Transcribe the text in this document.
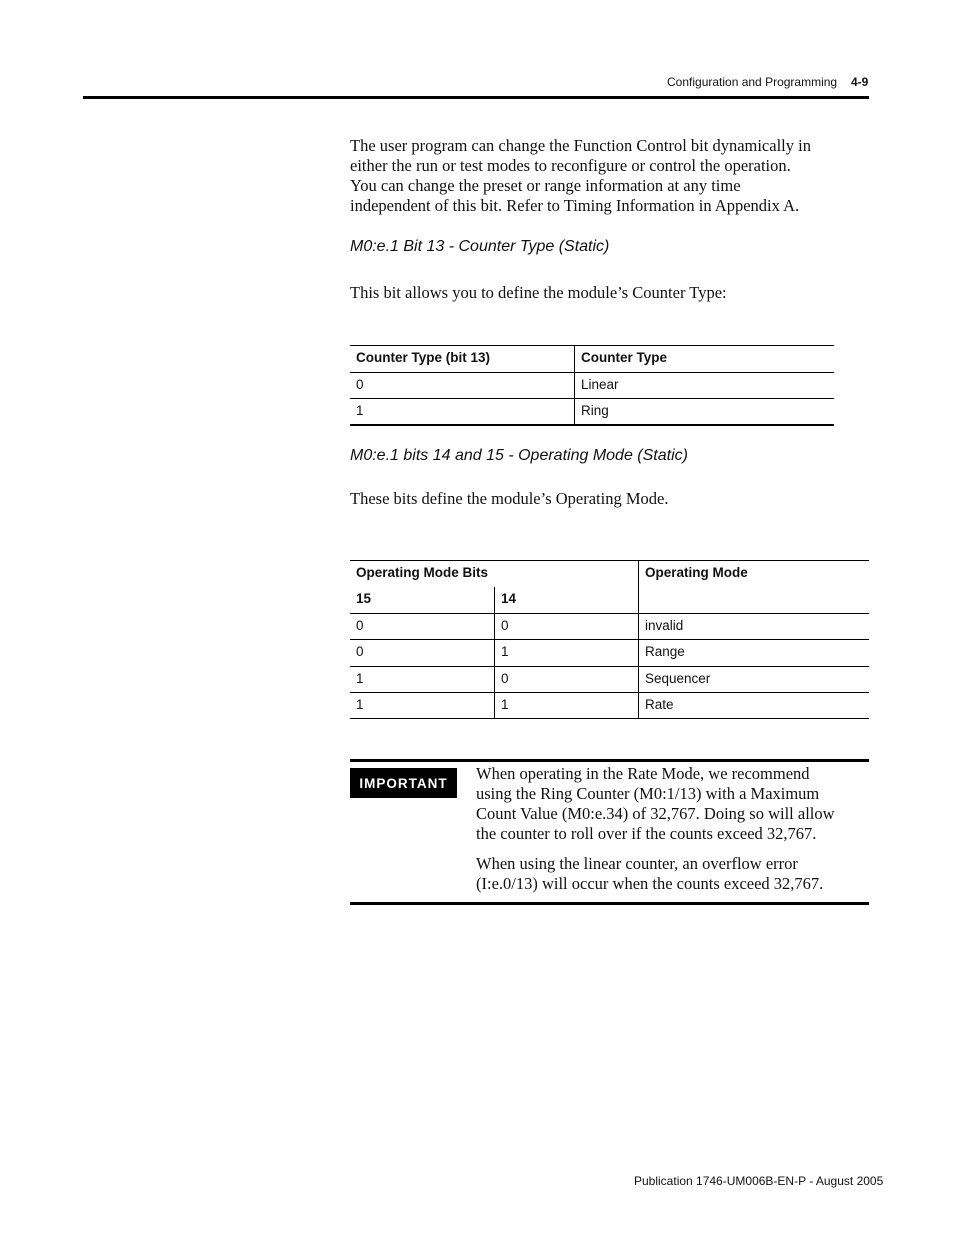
Configuration and Programming 4-9

The user program can change the Function Control bit dynamically in
either the run or test modes to reconfigure or control the operation.
You can change the preset or range information at any time
independent of this bit. Refer to Timing Information in Appendix A.

M0:e.1 Bit 13 - Counter Type (Static)

This bit allows you to define the module’s Counter Type:

Counter Type (bit 13)	Counter Type
0	Linear
1	Ring

M0:e.1 bits 14 and 15 - Operating Mode (Static)

These bits define the module’s Operating Mode.

Operating Mode Bits		Operating Mode
15	14	
0	0	invalid
0	1	Range
1	0	Sequencer
1	1	Rate
IMPORTANT	When operating in the Rate Mode, we recommend
using the Ring Counter (M0:1/13) with a Maximum
Count Value (M0:e.34) of 32,767. Doing so will allow
the counter to roll over if the counts exceed 32,767.

When using the linear counter, an overflow error
(I:e.0/13) will occur when the counts exceed 32,767.

Publication 1746-UM006B-EN-P - August 2005
